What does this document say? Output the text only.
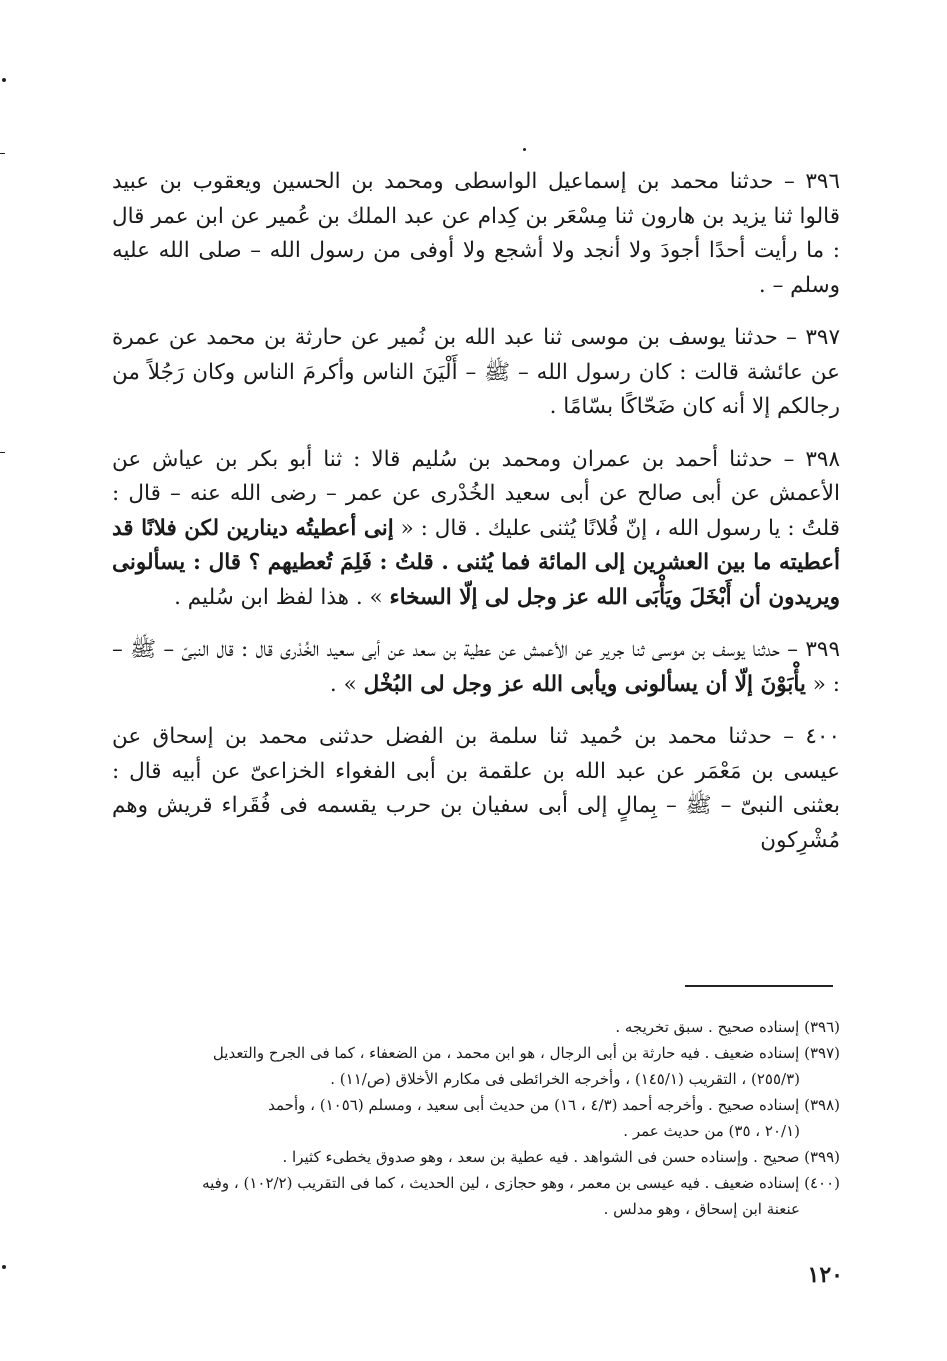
٣٩٦ – حدثنا محمد بن إسماعيل الواسطى ومحمد بن الحسين ويعقوب بن عبيد قالوا ثنا يزيد بن هارون ثنا مِسْعَر بن كِدام عن عبد الملك بن عُمير عن ابن عمر قال : ما رأيت أحدًا أجودَ ولا أنجد ولا أشجع ولا أوفى من رسول الله – صلى الله عليه وسلم – .

٣٩٧ – حدثنا يوسف بن موسى ثنا عبد الله بن نُمير عن حارثة بن محمد عن عمرة عن عائشة قالت : كان رسول الله – ﷺ – أَلْيَنَ الناس وأكرمَ الناس وكان رَجُلاً من رجالكم إلا أنه كان ضَحّاكًا بسّامًا .

٣٩٨ – حدثنا أحمد بن عمران ومحمد بن سُليم قالا : ثنا أبو بكر بن عياش عن الأعمش عن أبى صالح عن أبى سعيد الخُدْرى عن عمر – رضى الله عنه – قال : قلتُ : يا رسول الله ، إنّ فُلانًا يُثنى عليك . قال : « إنى أعطيتُه دينارين لكن فلانًا قد أعطيته ما بين العشرين إلى المائة فما يُثنى . قلتُ : فَلِمَ تُعطيهم ؟ قال : يسألونى ويريدون أن أَبْخَلَ ويَأْبَى الله عز وجل لى إلّا السخاء » . هذا لفظ ابن سُليم .

٣٩٩ – حدثنا يوسف بن موسى ثنا جرير عن الأعمش عن عطية بن سعد عن أبى سعيد الخُدْرى قال : قال النبىّ – ﷺ – : « يأْبَوْنَ إلّا أن يسألونى ويأبى الله عز وجل لى البُخْل » .

٤٠٠ – حدثنا محمد بن حُميد ثنا سلمة بن الفضل حدثنى محمد بن إسحاق عن عيسى بن مَعْمَر عن عبد الله بن علقمة بن أبى الفغواء الخزاعىّ عن أبيه قال : بعثنى النبىّ – ﷺ – بِمالٍ إلى أبى سفيان بن حرب يقسمه فى فُقَراء قريش وهم مُشْرِكون

(٣٩٦) إسناده صحيح . سبق تخريجه .

(٣٩٧) إسناده ضعيف . فيه حارثة بن أبى الرجال ، هو ابن محمد ، من الضعفاء ، كما فى الجرح والتعديل

(٢٥٥/٣) ، التقريب (١٤٥/١) ، وأخرجه الخرائطى فى مكارم الأخلاق (ص/١١) .

(٣٩٨) إسناده صحيح . وأخرجه أحمد (٤/٣ ، ١٦) من حديث أبى سعيد ، ومسلم (١٠٥٦) ، وأحمد

(٢٠/١ ، ٣٥) من حديث عمر .

(٣٩٩) صحيح . وإسناده حسن فى الشواهد . فيه عطية بن سعد ، وهو صدوق يخطىء كثيرا .

(٤٠٠) إسناده ضعيف . فيه عيسى بن معمر ، وهو حجازى ، لين الحديث ، كما فى التقريب (١٠٢/٢) ، وفيه

عنعنة ابن إسحاق ، وهو مدلس .

١٢٠
